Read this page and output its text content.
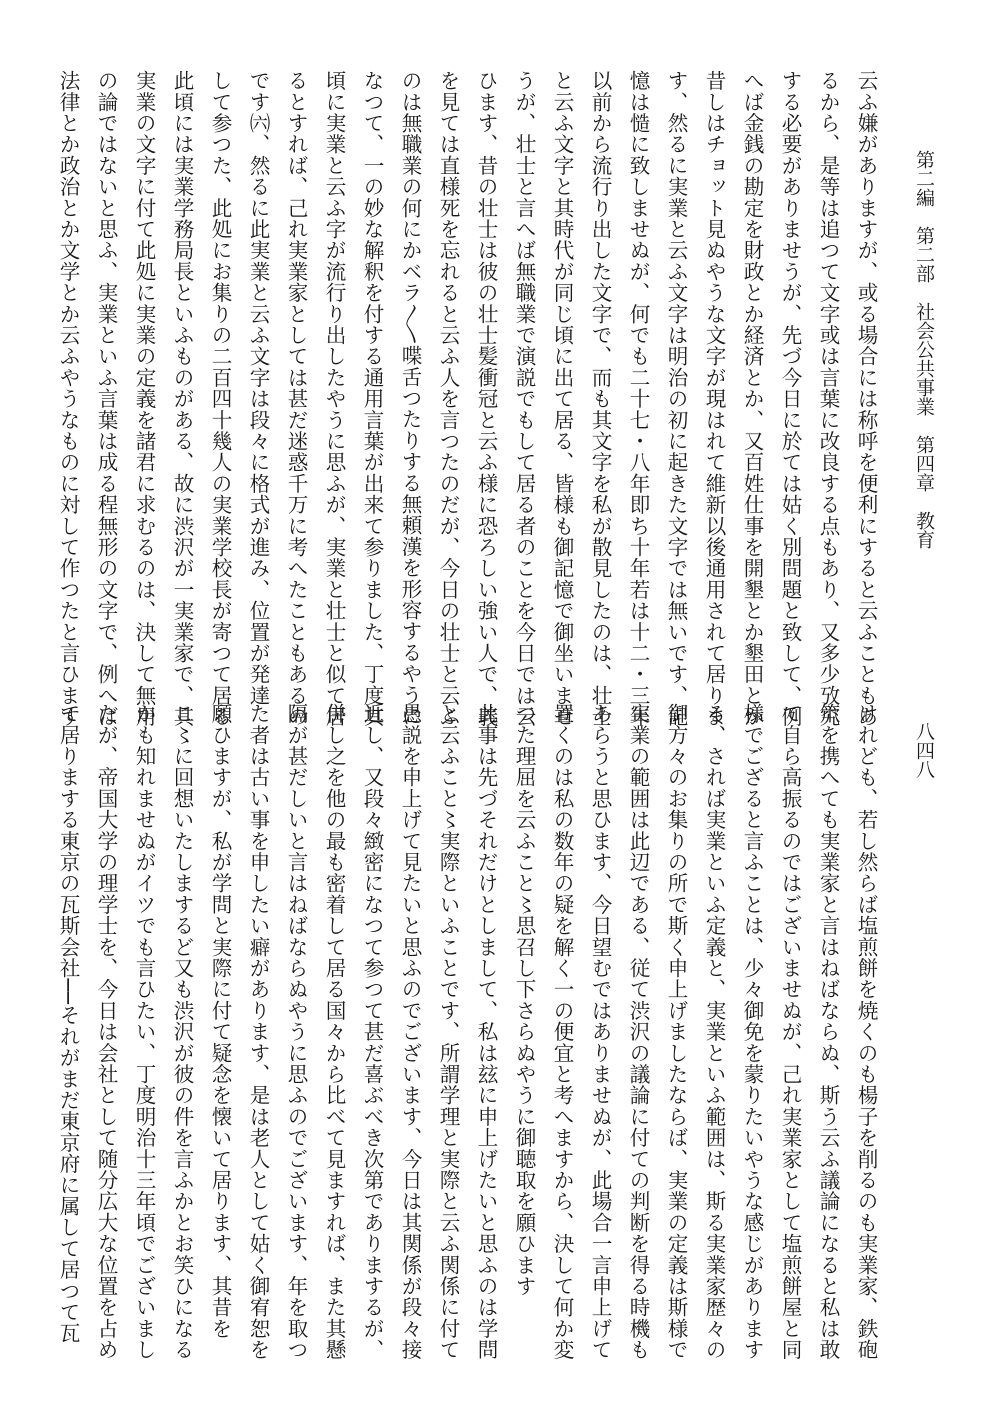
第二編　第二部　社会公共事業　第四章　教育
八四八
云ふ嫌がありますが、或る場合には称呼を便利にすると云ふこともあ
るから、是等は追つて文字或は言葉に改良する点もあり、又多少攷究
する必要がありませうが、先づ今日に於ては姑く別問題と致して、例
へば金銭の勘定を財政とか経済とか、又百姓仕事を開墾とか墾田とか
昔しはチョット見ぬやうな文字が現はれて維新以後通用されて居りま
す、然るに実業と云ふ文字は明治の初に起きた文字では無いです、記
憶は慥に致しませぬが、何でも二十七・八年即ち十年若は十二・三年
以前から流行り出した文字で、而も其文字を私が散見したのは、壮士
と云ふ文字と其時代が同じ頃に出て居る、皆様も御記憶で御坐いませ
うが、壮士と言へば無職業で演説でもして居る者のことを今日では云
ひます、昔の壮士は彼の壮士髪衝冠と云ふ様に恐ろしい強い人で、義
を見ては直様死を忘れると云ふ人を言つたのだが、今日の壮士と云ふ
のは無職業の何にかベラ〳〵喋舌つたりする無頼漢を形容するやうに
なつて、一の妙な解釈を付する通用言葉が出来て参りました、丁度其
頃に実業と云ふ字が流行り出したやうに思ふが、実業と壮士と似て居
るとすれば、己れ実業家としては甚だ迷惑千万に考へたこともあるの
です㈥、然るに此実業と云ふ文字は段々に格式が進み、位置が発達
して参つた、此処にお集りの二百四十幾人の実業学校長が寄つて居る
此頃には実業学務局長といふものがある、故に渋沢が一実業家で、其
実業の文字に付て此処に実業の定義を諸君に求むるのは、決して無用
の論ではないと思ふ、実業といふ言葉は成る程無形の文字で、例へば
法律とか政治とか文学とか云ふやうなものに対して作つたと言ひます
けれども、若し然らば塩煎餅を焼くのも楊子を削るのも実業家、鉄砲
笊を携へても実業家と言はねばならぬ、斯う云ふ議論になると私は敢
て自ら高振るのではございませぬが、己れ実業家として塩煎餅屋と同
様でござると言ふことは、少々御免を蒙りたいやうな感じがあります
る、されば実業といふ定義と、実業といふ範囲は、斯る実業家歴々の
御方々のお集りの所で斯く申上げましたならば、実業の定義は斯様で
実業の範囲は此辺である、従て渋沢の議論に付ての判断を得る時機も
あらうと思ひます、今日望むではありませぬが、此場合一言申上げて
置くのは私の数年の疑を解く一の便宜と考へますから、決して何か変
つた理屈を云ふこと〻思召し下さらぬやうに御聴取を願ひます
此事は先づそれだけとしまして、私は玆に申上げたいと思ふのは学問
と云ふこと〻実際といふことです、所謂学理と実際と云ふ関係に付て
愚説を申上げて見たいと思ふのでございます、今日は其関係が段々接
近し、又段々緻密になつて参つて甚だ喜ぶべき次第でありまするが、
併し之を他の最も密着して居る国々から比べて見ますれば、また其懸
隔が甚だしいと言はねばならぬやうに思ふのでございます、年を取つ
た者は古い事を申したい癖があります、是は老人として姑く御宥恕を
願ひますが、私が学問と実際に付て疑念を懐いて居ります、其昔を
こ〻に回想いたしまするど又も渋沢が彼の件を言ふかとお笑ひになる
かも知れませぬがイツでも言ひたい、丁度明治十三年頃でございまし
たが、帝国大学の理学士を、今日は会社として随分広大な位置を占め
て居りまする東京の瓦斯会社──それがまだ東京府に属して居つて瓦
